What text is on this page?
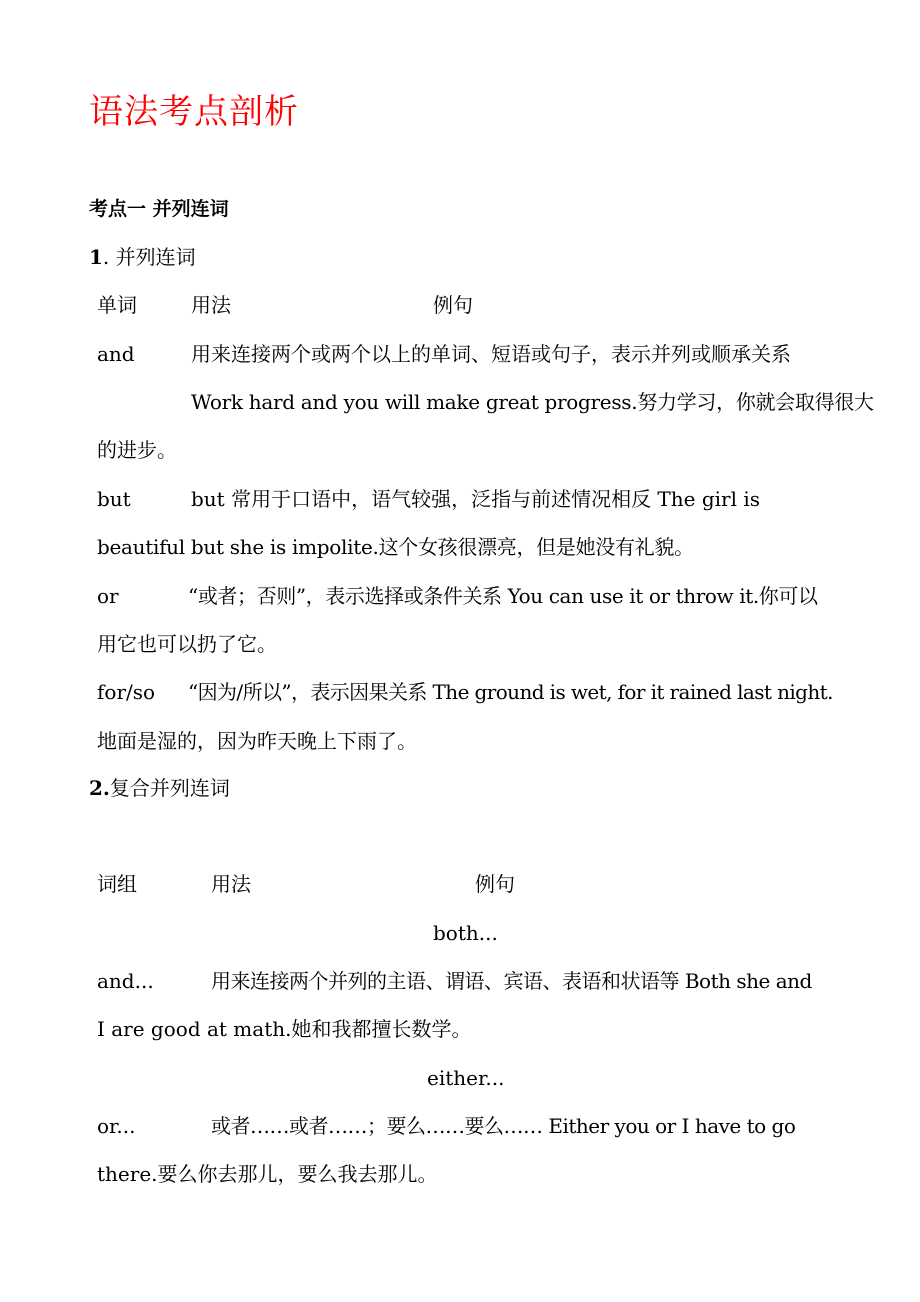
语法考点剖析
考点一 并列连词
1. 并列连词
单词	用法	例句
and	用来连接两个或两个以上的单词、短语或句子，表示并列或顺承关系
Work hard and you will make great progress.努力学习，你就会取得很大
的进步。
but	but 常用于口语中，语气较强，泛指与前述情况相反 The girl is
beautiful but she is impolite.这个女孩很漂亮，但是她没有礼貌。
or	“或者；否则”，表示选择或条件关系 You can use it or throw it.你可以
用它也可以扔了它。
for/so “因为/所以”，表示因果关系 The ground is wet, for it rained last night.
地面是湿的，因为昨天晚上下雨了。
2.复合并列连词
词组	用法	例句
both...
and...	用来连接两个并列的主语、谓语、宾语、表语和状语等 Both she and
I are good at math.她和我都擅长数学。
either...
or...	或者……或者……；要么……要么…… Either you or I have to go
there.要么你去那儿，要么我去那儿。
